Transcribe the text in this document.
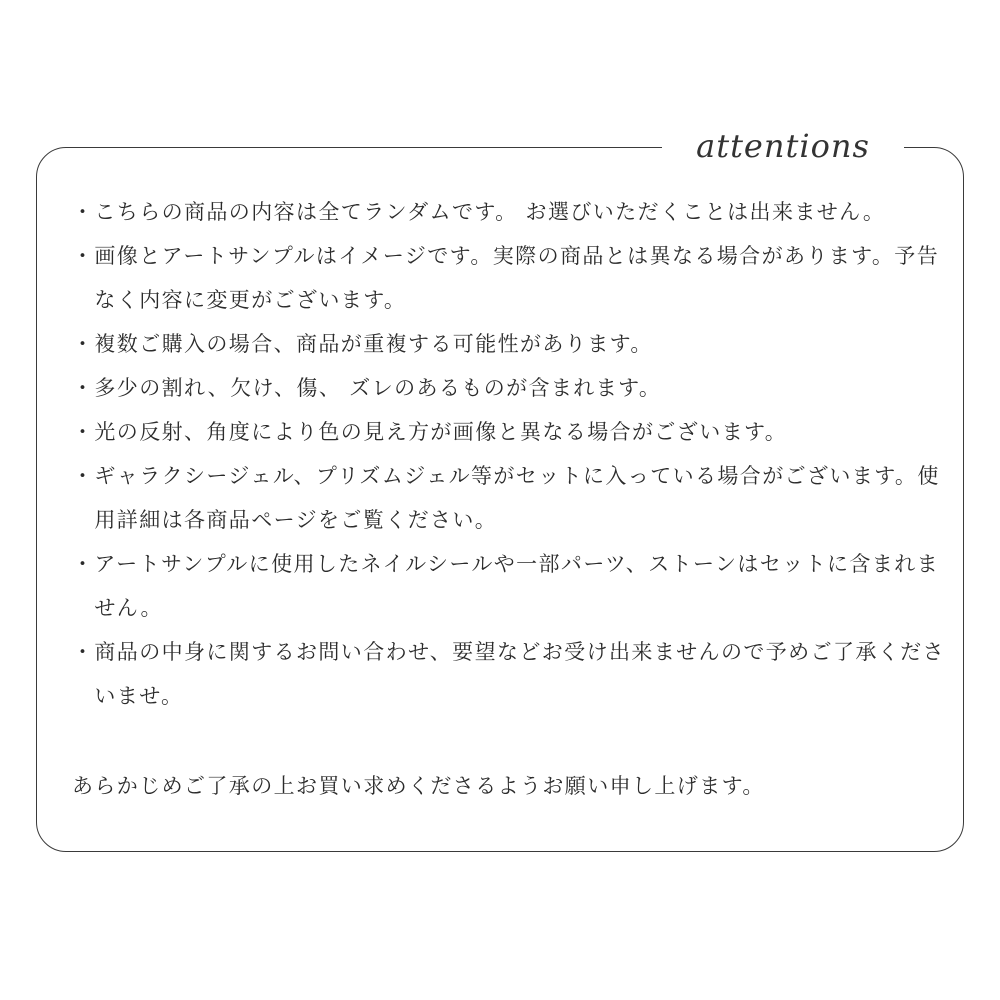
attentions
・ こちらの商品の内容は全てランダムです。 お選びいただくことは出来ません。
・ 画像とアートサンプルはイメージです。実際の商品とは異なる場合があります。予告なく内容に変更がございます。
・ 複数ご購入の場合、商品が重複する可能性があります。
・ 多少の割れ、欠け、傷、 ズレのあるものが含まれます。
・ 光の反射、角度により色の見え方が画像と異なる場合がございます。
・ ギャラクシージェル、プリズムジェル等がセットに入っている場合がございます。使用詳細は各商品ページをご覧ください。
・ アートサンプルに使用したネイルシールや一部パーツ、ストーンはセットに含まれません。
・ 商品の中身に関するお問い合わせ、要望などお受け出来ませんので予めご了承くださいませ。

あらかじめご了承の上お買い求めくださるようお願い申し上げます。
